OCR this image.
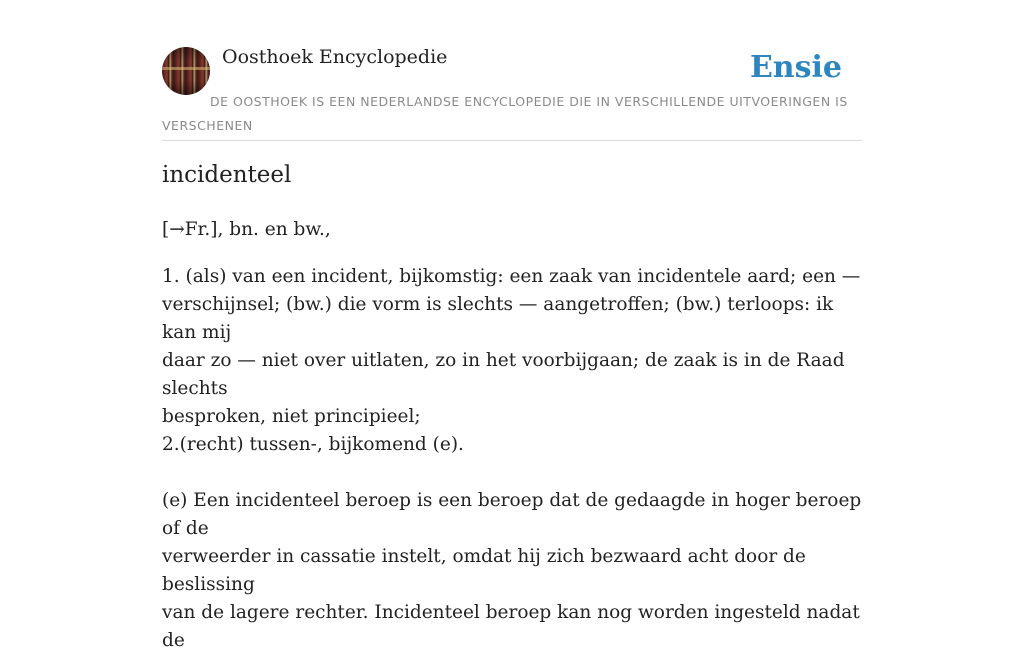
Oosthoek Encyclopedie	Ensie
DE OOSTHOEK IS EEN NEDERLANDSE ENCYCLOPEDIE DIE IN VERSCHILLENDE UITVOERINGEN IS VERSCHENEN
incidenteel

[→Fr.], bn. en bw.,

1. (als) van een incident, bijkomstig: een zaak van incidentele aard; een —

verschijnsel; (bw.) die vorm is slechts — aangetroffen; (bw.) terloops: ik kan mij

daar zo — niet over uitlaten, zo in het voorbijgaan; de zaak is in de Raad slechts

besproken, niet principieel;

2.(recht) tussen-, bijkomend (e).

(e) Een incidenteel beroep is een beroep dat de gedaagde in hoger beroep of de

verweerder in cassatie instelt, omdat hij zich bezwaard acht door de beslissing

van de lagere rechter. Incidenteel beroep kan nog worden ingesteld nadat de
